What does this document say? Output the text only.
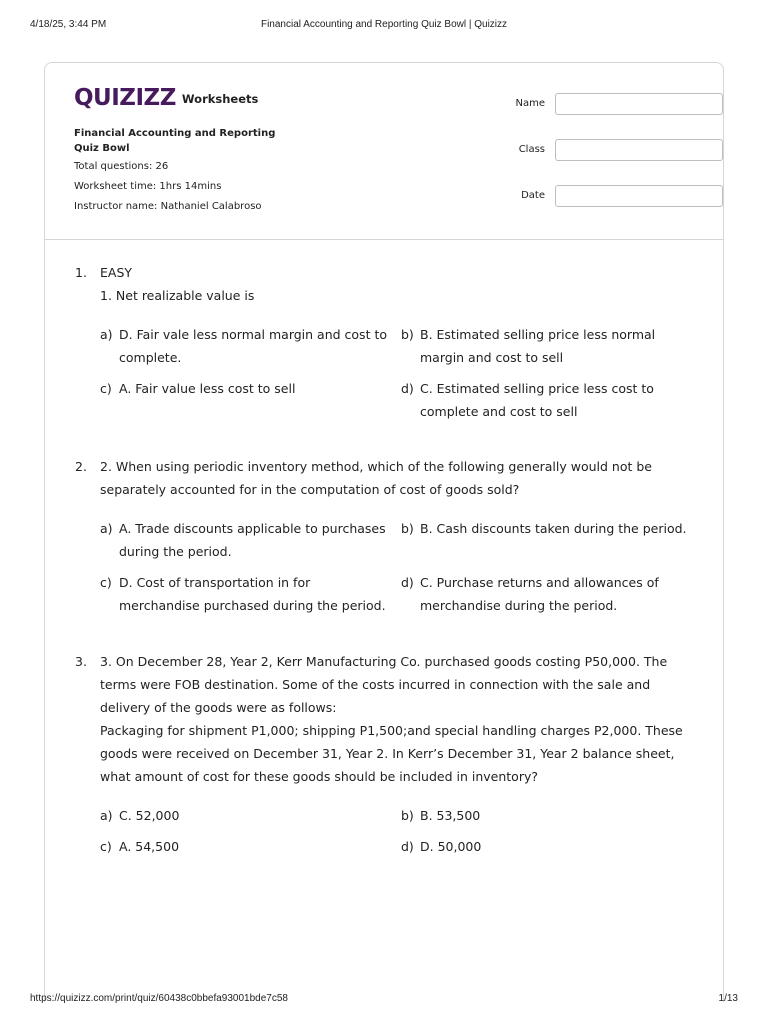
4/18/25, 3:44 PM	Financial Accounting and Reporting Quiz Bowl | Quizizz
QUIZIZZ Worksheets
Financial Accounting and Reporting Quiz Bowl
Total questions: 26
Worksheet time: 1hrs 14mins
Instructor name: Nathaniel Calabroso
Name
Class
Date
1. EASY
1. Net realizable value is
a) D. Fair vale less normal margin and cost to complete.
b) B. Estimated selling price less normal margin and cost to sell
c) A. Fair value less cost to sell	d) C. Estimated selling price less cost to complete and cost to sell
2. 2. When using periodic inventory method, which of the following generally would not be separately accounted for in the computation of cost of goods sold?
a) A. Trade discounts applicable to purchases during the period.
b) B. Cash discounts taken during the period.
c) D. Cost of transportation in for merchandise purchased during the period.
d) C. Purchase returns and allowances of merchandise during the period.
3. 3. On December 28, Year 2, Kerr Manufacturing Co. purchased goods costing P50,000. The terms were FOB destination. Some of the costs incurred in connection with the sale and delivery of the goods were as follows:
Packaging for shipment P1,000; shipping P1,500;and special handling charges P2,000. These goods were received on December 31, Year 2. In Kerr’s December 31, Year 2 balance sheet, what amount of cost for these goods should be included in inventory?
a) C. 52,000	b) B. 53,500
c) A. 54,500	d) D. 50,000
https://quizizz.com/print/quiz/60438c0bbefa93001bde7c58	1/13
